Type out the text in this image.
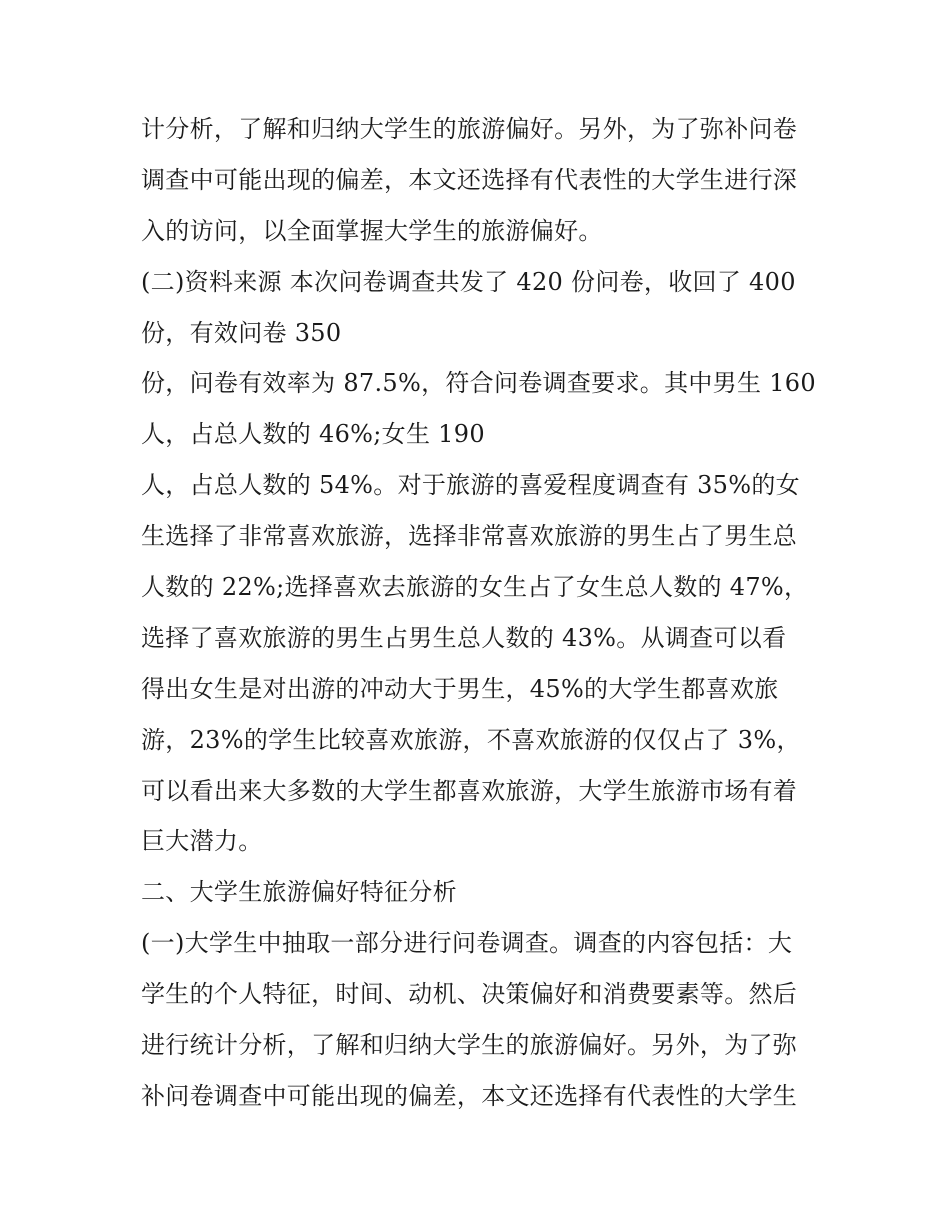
计分析，了解和归纳大学生的旅游偏好。另外，为了弥补问卷
调查中可能出现的偏差，本文还选择有代表性的大学生进行深
入的访问，以全面掌握大学生的旅游偏好。
(二)资料来源 本次问卷调查共发了 420 份问卷，收回了 400
份，有效问卷 350
份，问卷有效率为 87.5%，符合问卷调查要求。其中男生 160
人，占总人数的 46%;女生 190
人，占总人数的 54%。对于旅游的喜爱程度调查有 35%的女
生选择了非常喜欢旅游，选择非常喜欢旅游的男生占了男生总
人数的 22%;选择喜欢去旅游的女生占了女生总人数的 47%，
选择了喜欢旅游的男生占男生总人数的 43%。从调查可以看
得出女生是对出游的冲动大于男生，45%的大学生都喜欢旅
游，23%的学生比较喜欢旅游，不喜欢旅游的仅仅占了 3%，
可以看出来大多数的大学生都喜欢旅游，大学生旅游市场有着
巨大潜力。
二、大学生旅游偏好特征分析
(一)大学生中抽取一部分进行问卷调查。调查的内容包括：大
学生的个人特征，时间、动机、决策偏好和消费要素等。然后
进行统计分析，了解和归纳大学生的旅游偏好。另外，为了弥
补问卷调查中可能出现的偏差，本文还选择有代表性的大学生
